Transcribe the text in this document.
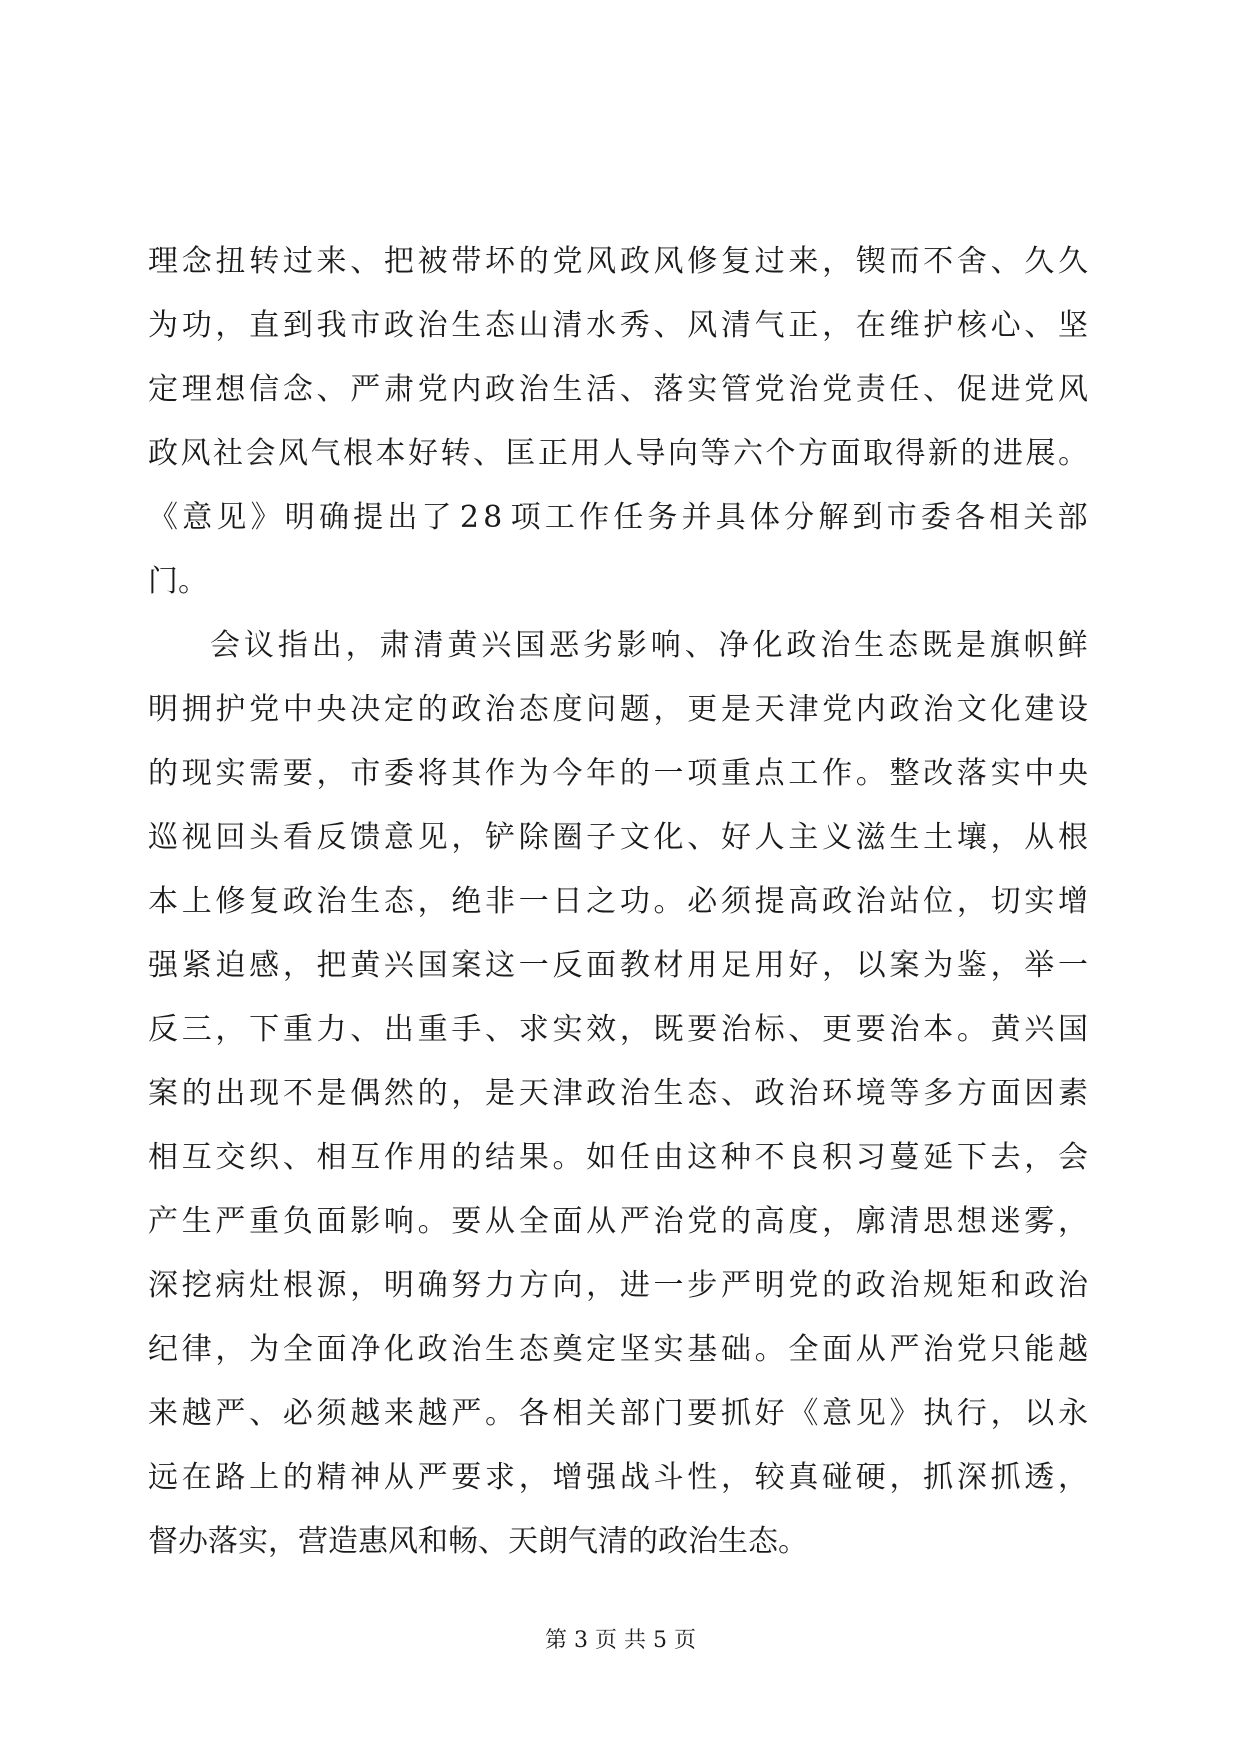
理 念 扭 转 过 来 、 把 被 带 坏 的 党 风 政 风 修 复 过 来 ， 锲 而 不 舍 、 久 久
为 功 ， 直 到 我 市 政 治 生 态 山 清 水 秀 、 风 清 气 正 ， 在 维 护 核 心 、 坚
定 理 想 信 念 、 严 肃 党 内 政 治 生 活 、 落 实 管 党 治 党 责 任 、 促 进 党 风
政 风 社 会 风 气 根 本 好 转 、 匡 正 用 人 导 向 等 六 个 方 面 取 得 新 的 进 展 。
《 意 见 》 明 确 提 出 了 2 8 项 工 作 任 务 并 具 体 分 解 到 市 委 各 相 关 部
门。
会 议 指 出 ， 肃 清 黄 兴 国 恶 劣 影 响 、 净 化 政 治 生 态 既 是 旗 帜 鲜
明 拥 护 党 中 央 决 定 的 政 治 态 度 问 题 ， 更 是 天 津 党 内 政 治 文 化 建 设
的 现 实 需 要 ， 市 委 将 其 作 为 今 年 的 一 项 重 点 工 作 。 整 改 落 实 中 央
巡 视 回 头 看 反 馈 意 见 ， 铲 除 圈 子 文 化 、 好 人 主 义 滋 生 土 壤 ， 从 根
本 上 修 复 政 治 生 态 ， 绝 非 一 日 之 功 。 必 须 提 高 政 治 站 位 ， 切 实 增
强 紧 迫 感 ， 把 黄 兴 国 案 这 一 反 面 教 材 用 足 用 好 ， 以 案 为 鉴 ， 举 一
反 三 ， 下 重 力 、 出 重 手 、 求 实 效 ， 既 要 治 标 、 更 要 治 本 。 黄 兴 国
案 的 出 现 不 是 偶 然 的 ， 是 天 津 政 治 生 态 、 政 治 环 境 等 多 方 面 因 素
相 互 交 织 、 相 互 作 用 的 结 果 。 如 任 由 这 种 不 良 积 习 蔓 延 下 去 ， 会
产 生 严 重 负 面 影 响 。 要 从 全 面 从 严 治 党 的 高 度 ， 廓 清 思 想 迷 雾 ，
深 挖 病 灶 根 源 ， 明 确 努 力 方 向 ， 进 一 步 严 明 党 的 政 治 规 矩 和 政 治
纪 律 ， 为 全 面 净 化 政 治 生 态 奠 定 坚 实 基 础 。 全 面 从 严 治 党 只 能 越
来 越 严 、 必 须 越 来 越 严 。 各 相 关 部 门 要 抓 好 《 意 见 》 执 行 ， 以 永
远 在 路 上 的 精 神 从 严 要 求 ， 增 强 战 斗 性 ， 较 真 碰 硬 ， 抓 深 抓 透 ，
督办落实，营造惠风和畅、天朗气清的政治生态。
第 3 页 共 5 页
